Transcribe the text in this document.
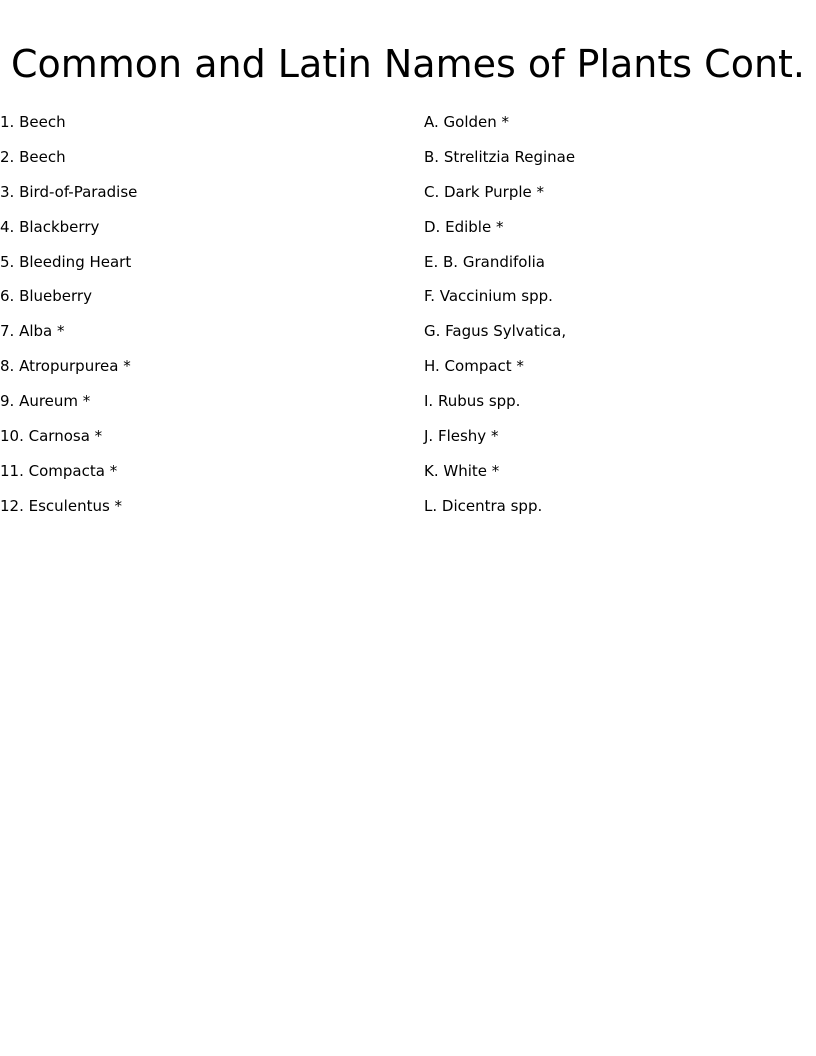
Common and Latin Names of Plants Cont.
1. Beech
2. Beech
3. Bird-of-Paradise
4. Blackberry
5. Bleeding Heart
6. Blueberry
7. Alba *
8. Atropurpurea *
9. Aureum *
10. Carnosa *
11. Compacta *
12. Esculentus *
A. Golden *
B. Strelitzia Reginae
C. Dark Purple *
D. Edible *
E. B. Grandifolia
F. Vaccinium spp.
G. Fagus Sylvatica,
H. Compact *
I. Rubus spp.
J. Fleshy *
K. White *
L. Dicentra spp.
